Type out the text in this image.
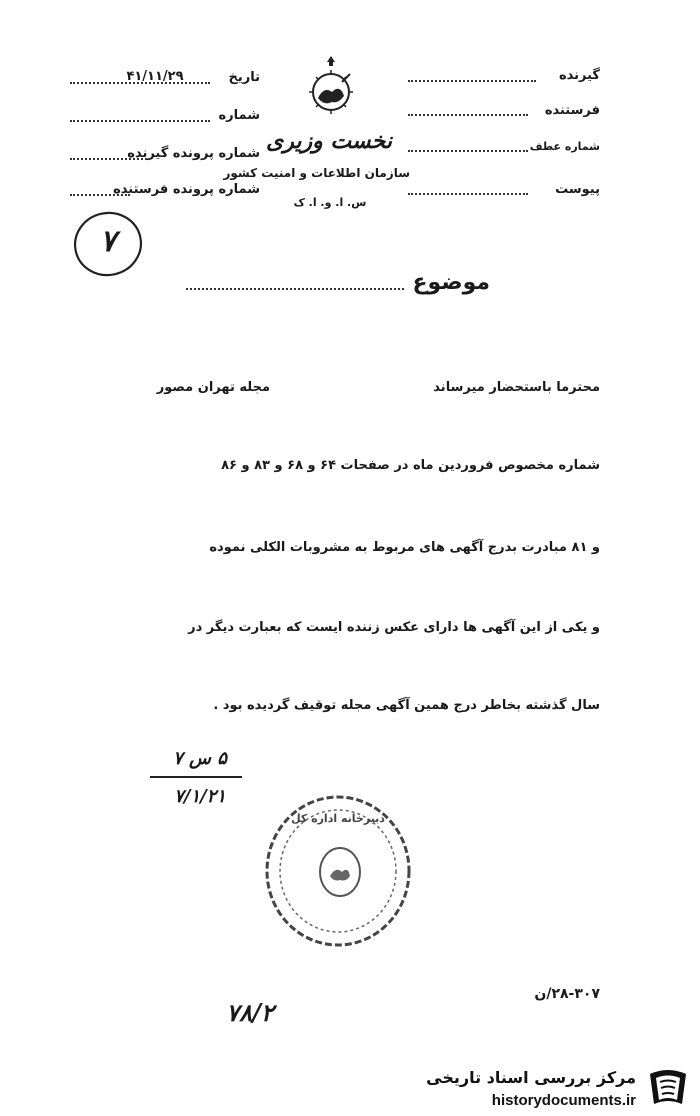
گیرنده
فرستنده
شماره عطف
پیوست
تاریخ
۴۱/۱۱/۲۹
شماره
شماره پرونده گیرنده
شماره پرونده فرستنده
نخست وزیری
سازمان اطلاعات و امنیت کشور
س. ا. و. ا. ک
۷
موضوع
محترما باستحضار میرساند
مجله تهران مصور
شماره مخصوص فروردین ماه در صفحات ۶۴ و ۶۸ و ۸۳ و ۸۶
و ۸۱ مبادرت بدرج آگهی های مربوط به مشروبات الکلی نموده
و یکی از این آگهی ها دارای عکس زننده ایست که بعبارت دیگر در
سال گذشته بخاطر درج همین آگهی مجله توقیف گردیده بود .
۵ س ۷
۷/۱/۲۱
دبیرخانه اداره کل
۲۸-۳۰۷/ن
۷۸/۲
مرکز بررسی اسناد تاریخی
historydocuments.ir
